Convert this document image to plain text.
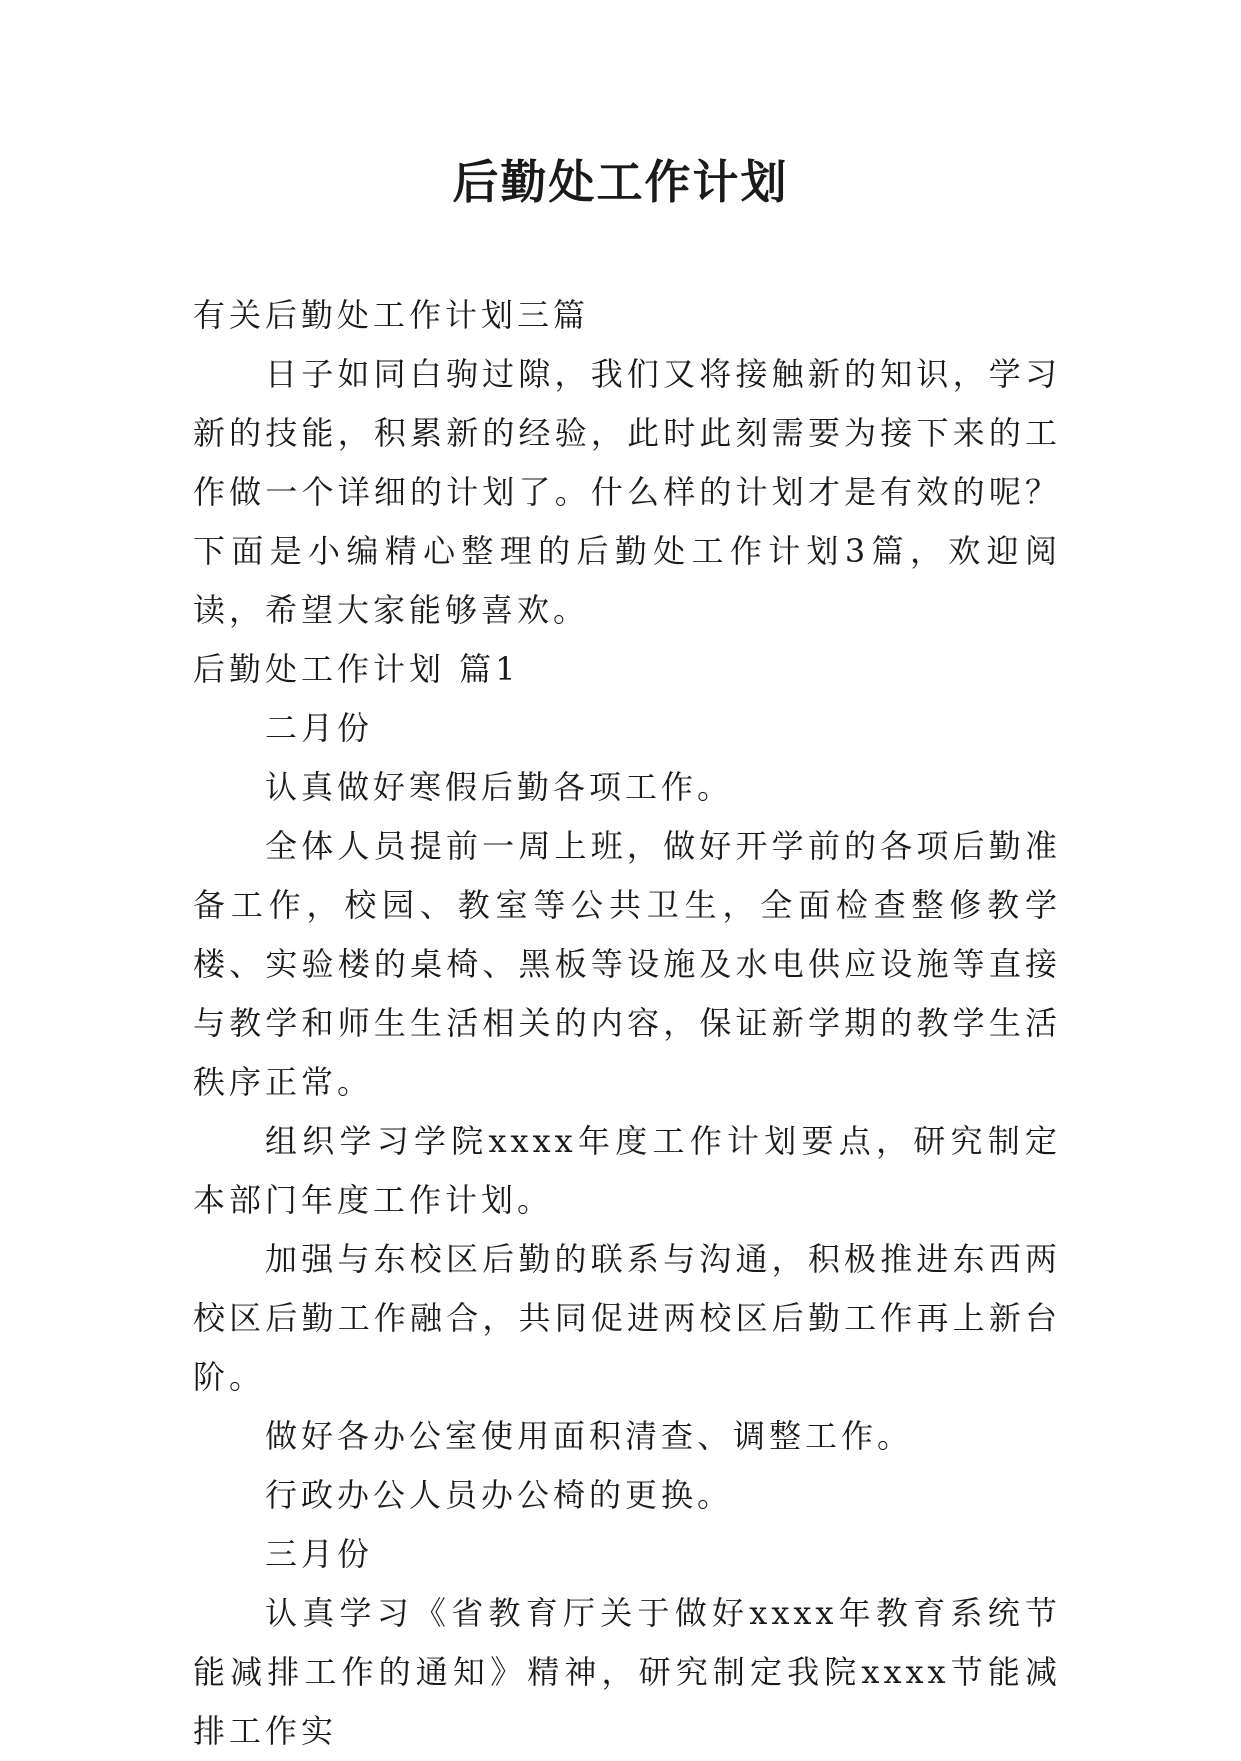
后勤处工作计划

有关后勤处工作计划三篇

日子如同白驹过隙，我们又将接触新的知识，学习新的技能，积累新的经验，此时此刻需要为接下来的工作做一个详细的计划了。什么样的计划才是有效的呢？下面是小编精心整理的后勤处工作计划3篇，欢迎阅读，希望大家能够喜欢。

后勤处工作计划 篇1

二月份

认真做好寒假后勤各项工作。

全体人员提前一周上班，做好开学前的各项后勤准备工作，校园、教室等公共卫生，全面检查整修教学楼、实验楼的桌椅、黑板等设施及水电供应设施等直接与教学和师生生活相关的内容，保证新学期的教学生活秩序正常。

组织学习学院xxxx年度工作计划要点，研究制定本部门年度工作计划。

加强与东校区后勤的联系与沟通，积极推进东西两校区后勤工作融合，共同促进两校区后勤工作再上新台阶。

做好各办公室使用面积清查、调整工作。

行政办公人员办公椅的更换。

三月份

认真学习《省教育厅关于做好xxxx年教育系统节能减排工作的通知》精神，研究制定我院xxxx节能减排工作实
